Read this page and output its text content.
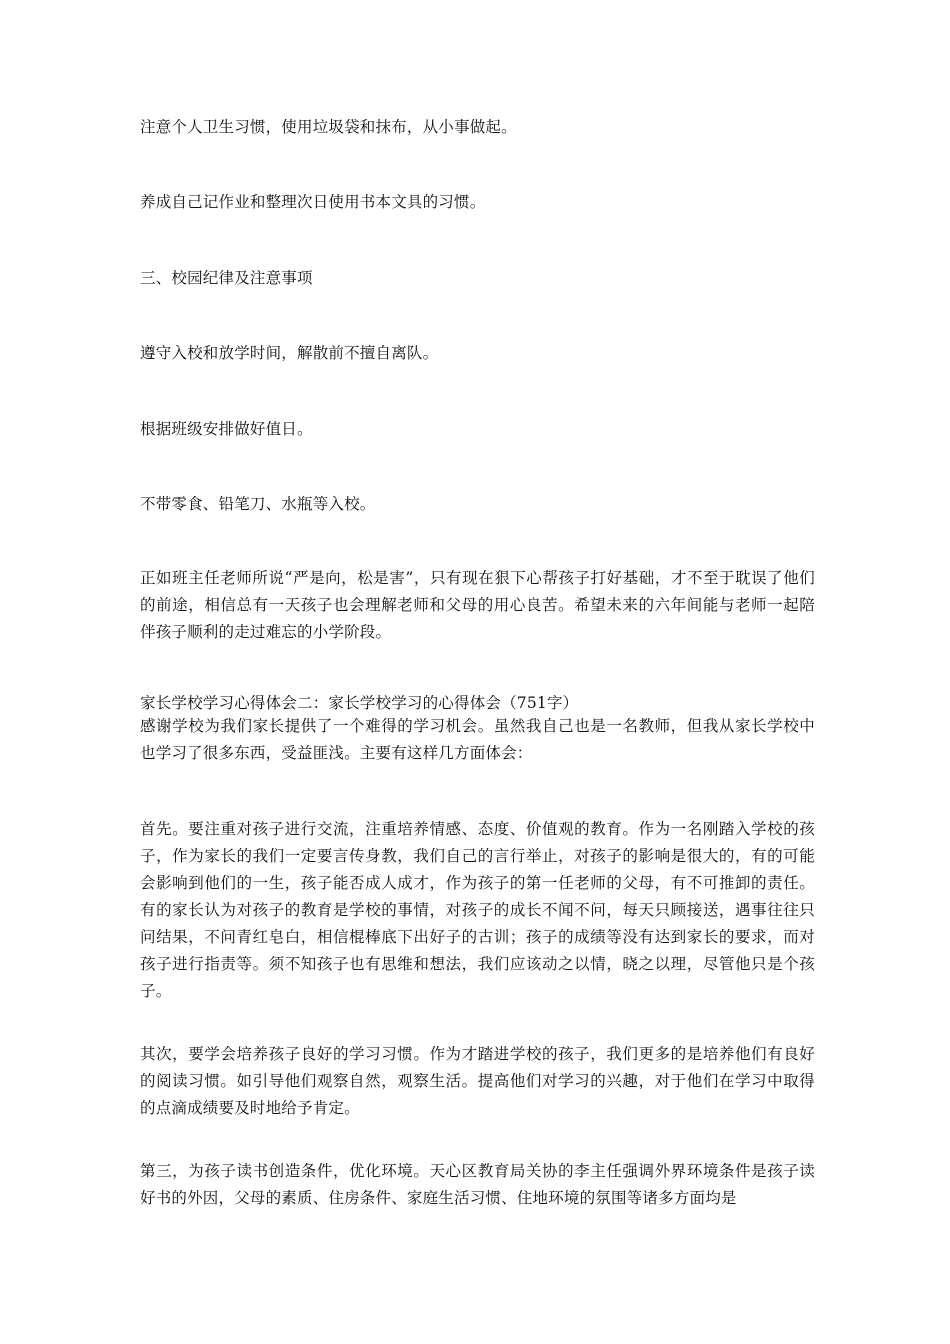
注意个人卫生习惯，使用垃圾袋和抹布，从小事做起。

养成自己记作业和整理次日使用书本文具的习惯。

三、校园纪律及注意事项

遵守入校和放学时间，解散前不擅自离队。

根据班级安排做好值日。

不带零食、铅笔刀、水瓶等入校。

正如班主任老师所说“严是向，松是害”，只有现在狠下心帮孩子打好基础，才不至于耽误了他们的前途，相信总有一天孩子也会理解老师和父母的用心良苦。希望未来的六年间能与老师一起陪伴孩子顺利的走过难忘的小学阶段。

家长学校学习心得体会二：家长学校学习的心得体会（751字）

感谢学校为我们家长提供了一个难得的学习机会。虽然我自己也是一名教师，但我从家长学校中也学习了很多东西，受益匪浅。主要有这样几方面体会：

首先。要注重对孩子进行交流，注重培养情感、态度、价值观的教育。作为一名刚踏入学校的孩子，作为家长的我们一定要言传身教，我们自己的言行举止，对孩子的影响是很大的，有的可能会影响到他们的一生，孩子能否成人成才，作为孩子的第一任老师的父母，有不可推卸的责任。有的家长认为对孩子的教育是学校的事情，对孩子的成长不闻不问，每天只顾接送，遇事往往只问结果，不问青红皂白，相信棍棒底下出好子的古训；孩子的成绩等没有达到家长的要求，而对孩子进行指责等。须不知孩子也有思维和想法，我们应该动之以情，晓之以理，尽管他只是个孩子。

其次，要学会培养孩子良好的学习习惯。作为才踏进学校的孩子，我们更多的是培养他们有良好的阅读习惯。如引导他们观察自然，观察生活。提高他们对学习的兴趣，对于他们在学习中取得的点滴成绩要及时地给予肯定。

第三，为孩子读书创造条件，优化环境。天心区教育局关协的李主任强调外界环境条件是孩子读好书的外因，父母的素质、住房条件、家庭生活习惯、住地环境的氛围等诸多方面均是
